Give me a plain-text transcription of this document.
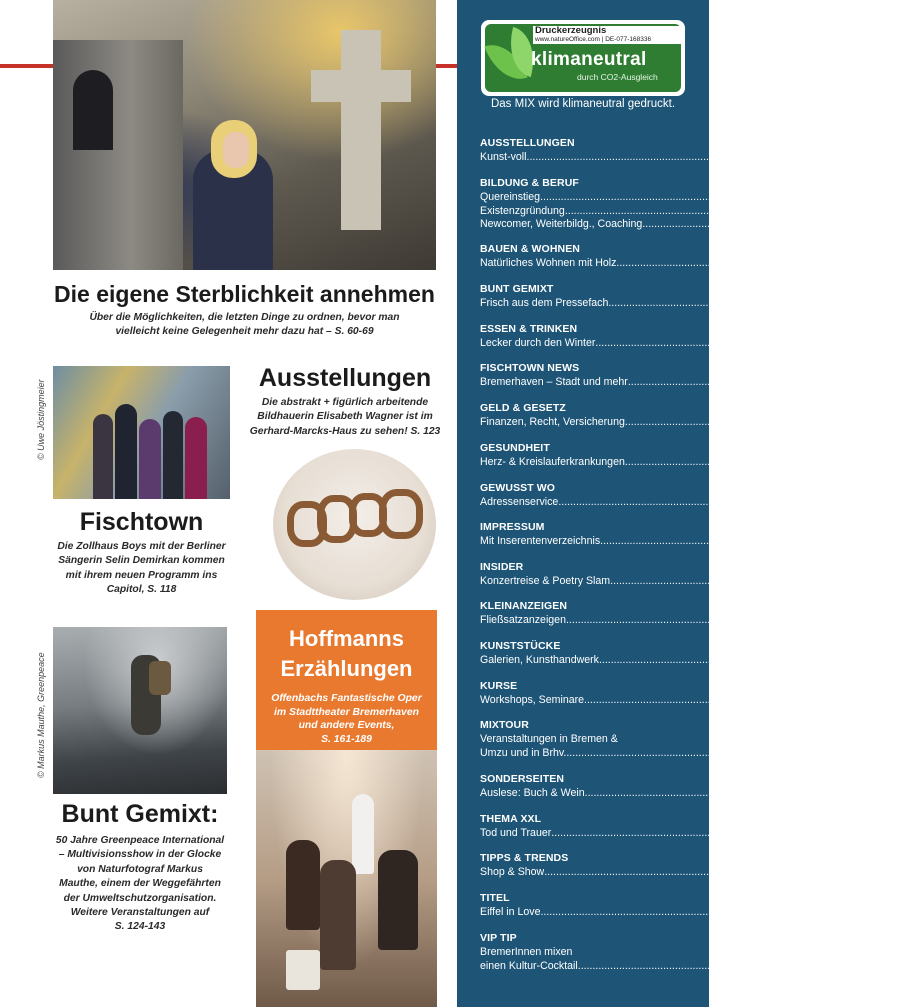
Die eigene Sterblichkeit annehmen
Über die Möglichkeiten, die letzten Dinge zu ordnen, bevor man
vielleicht keine Gelegenheit mehr dazu hat – S. 60-69
© Uwe Jöstingmeier
Fischtown
Die Zollhaus Boys mit der Berliner
Sängerin Selin Demirkan kommen
mit ihrem neuen Programm ins
Capitol, S. 118
Ausstellungen
Die abstrakt + figürlich arbeitende
Bildhauerin Elisabeth Wagner ist im
Gerhard-Marcks-Haus zu sehen! S. 123
© Markus Mauthe, Greenpeace
Bunt Gemixt:
50 Jahre Greenpeace International
– Multivisionsshow in der Glocke
von Naturfotograf Markus
Mauthe, einem der Weggefährten
der Umweltschutzorganisation.
Weitere Veranstaltungen auf
S. 124-143
Hoffmanns
Erzählungen
Offenbachs Fantastische Oper
im Stadttheater Bremerhaven
und andere Events,
S. 161-189
Druckerzeugnis
www.natureOffice.com | DE-077-168336
klimaneutral
durch CO2-Ausgleich
Das MIX wird klimaneutral gedruckt.
AUSSTELLUNGEN
Kunst-voll ................................................................................ 120-123, 156-160
BILDUNG & BERUF
Quereinstieg ................................................................................ 70-74
Existenzgründung ................................................................................ 76-79
Newcomer, Weiterbildg., Coaching ................................................................................ 80-84
BAUEN & WOHNEN
Natürliches Wohnen mit Holz ................................................................................ 94-104
BUNT GEMIXT
Frisch aus dem Pressefach ................................................................................ 124-143
ESSEN & TRINKEN
Lecker durch den Winter ................................................................................ 106-109
FISCHTOWN NEWS
Bremerhaven – Stadt und mehr ................................................................................ 118+119
GELD & GESETZ
Finanzen, Recht, Versicherung ................................................................................ 90-93
GESUNDHEIT
Herz- & Kreislauferkrankungen ................................................................................ 110-117
GEWUSST WO
Adressenservice ................................................................................ 189-191
IMPRESSUM
Mit Inserentenverzeichnis ................................................................................ 194
INSIDER
Konzertreise & Poetry Slam ................................................................................ 3
KLEINANZEIGEN
Fließsatzanzeigen ................................................................................ 148-155
KUNSTSTÜCKE
Galerien, Kunsthandwerk ................................................................................ 120
KURSE
Workshops, Seminare ................................................................................ 144-147
MIXTOUR
Veranstaltungen in Bremen &
Umzu und in Brhv. ................................................................................ 161-189
SONDERSEITEN
Auslese: Buch & Wein ................................................................................ 56-59
THEMA XXL
Tod und Trauer ................................................................................ 60-69
TIPPS & TRENDS
Shop & Show ................................................................................ 86-89
TITEL
Eiffel in Love ................................................................................ 6
VIP TIP
BremerInnen mixen
einen Kultur-Cocktail ................................................................................ 192+193
